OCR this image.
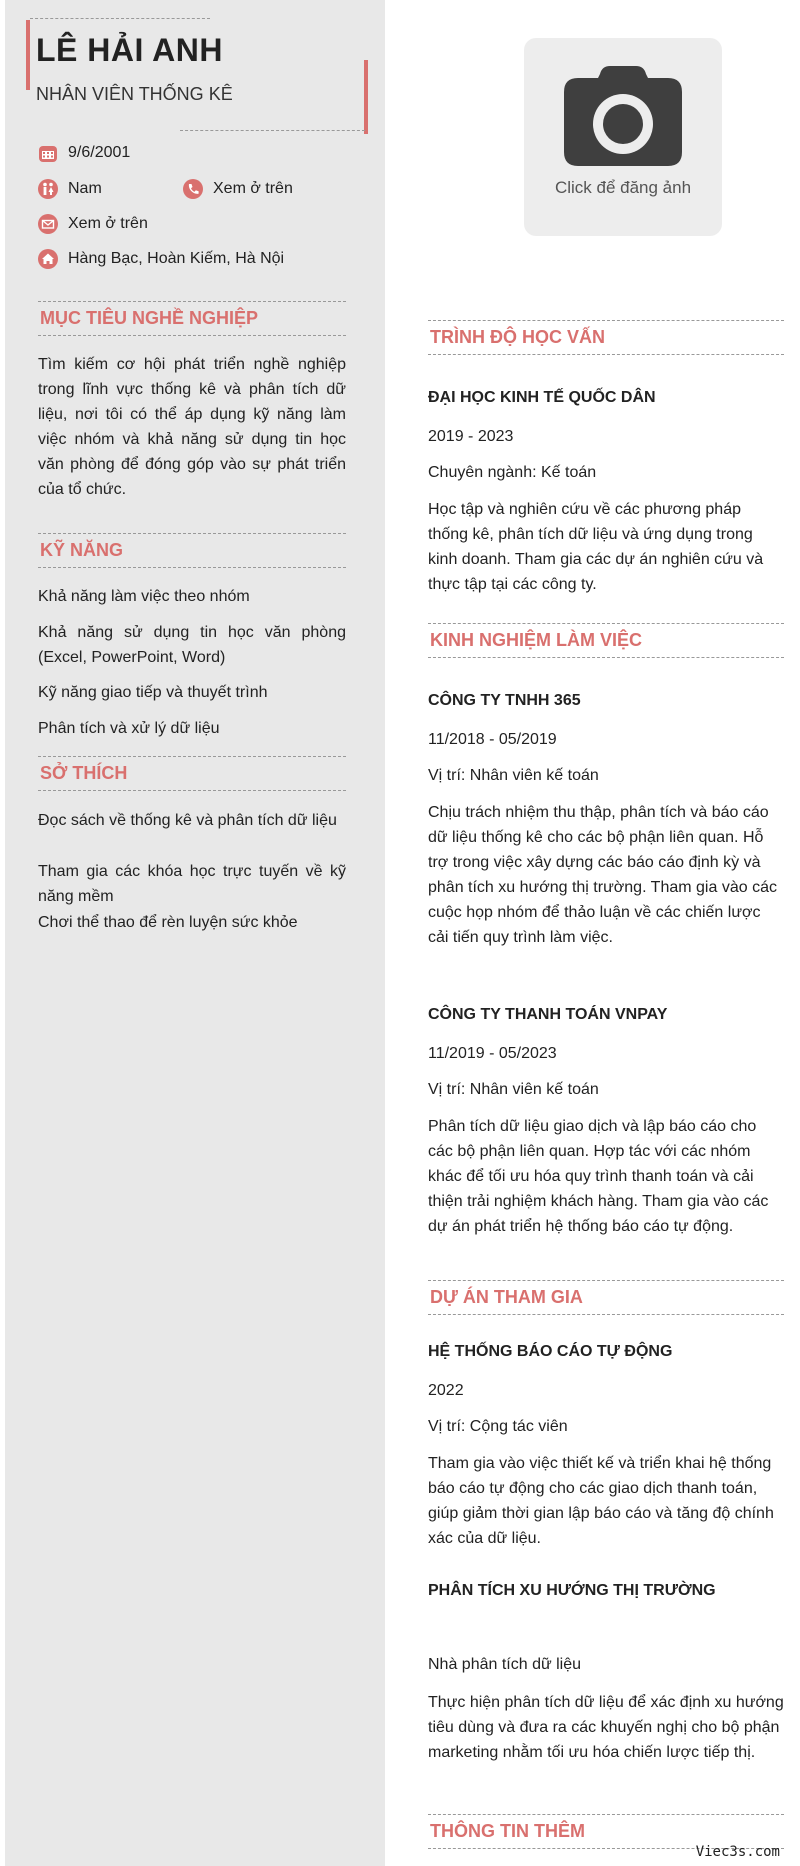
LÊ HẢI ANH
NHÂN VIÊN THỐNG KÊ
9/6/2001
Nam	Xem ở trên
Xem ở trên
Hàng Bạc, Hoàn Kiếm, Hà Nội
Click để đăng ảnh
MỤC TIÊU NGHỀ NGHIỆP
Tìm kiếm cơ hội phát triển nghề nghiệp trong lĩnh vực thống kê và phân tích dữ liệu, nơi tôi có thể áp dụng kỹ năng làm việc nhóm và khả năng sử dụng tin học văn phòng để đóng góp vào sự phát triển của tổ chức.
KỸ NĂNG
Khả năng làm việc theo nhóm
Khả năng sử dụng tin học văn phòng (Excel, PowerPoint, Word)
Kỹ năng giao tiếp và thuyết trình
Phân tích và xử lý dữ liệu
SỞ THÍCH
Đọc sách về thống kê và phân tích dữ liệu
Tham gia các khóa học trực tuyến về kỹ năng mềm
Chơi thể thao để rèn luyện sức khỏe
TRÌNH ĐỘ HỌC VẤN
ĐẠI HỌC KINH TẾ QUỐC DÂN
2019 - 2023
Chuyên ngành: Kế toán
Học tập và nghiên cứu về các phương pháp thống kê, phân tích dữ liệu và ứng dụng trong kinh doanh. Tham gia các dự án nghiên cứu và thực tập tại các công ty.
KINH NGHIỆM LÀM VIỆC
CÔNG TY TNHH 365
11/2018 - 05/2019
Vị trí: Nhân viên kế toán
Chịu trách nhiệm thu thập, phân tích và báo cáo dữ liệu thống kê cho các bộ phận liên quan. Hỗ trợ trong việc xây dựng các báo cáo định kỳ và phân tích xu hướng thị trường. Tham gia vào các cuộc họp nhóm để thảo luận về các chiến lược cải tiến quy trình làm việc.
CÔNG TY THANH TOÁN VNPAY
11/2019 - 05/2023
Vị trí: Nhân viên kế toán
Phân tích dữ liệu giao dịch và lập báo cáo cho các bộ phận liên quan. Hợp tác với các nhóm khác để tối ưu hóa quy trình thanh toán và cải thiện trải nghiệm khách hàng. Tham gia vào các dự án phát triển hệ thống báo cáo tự động.
DỰ ÁN THAM GIA
HỆ THỐNG BÁO CÁO TỰ ĐỘNG
2022
Vị trí: Cộng tác viên
Tham gia vào việc thiết kế và triển khai hệ thống báo cáo tự động cho các giao dịch thanh toán, giúp giảm thời gian lập báo cáo và tăng độ chính xác của dữ liệu.
PHÂN TÍCH XU HƯỚNG THỊ TRƯỜNG
Nhà phân tích dữ liệu
Thực hiện phân tích dữ liệu để xác định xu hướng tiêu dùng và đưa ra các khuyến nghị cho bộ phận marketing nhằm tối ưu hóa chiến lược tiếp thị.
THÔNG TIN THÊM
Viec3s.com
